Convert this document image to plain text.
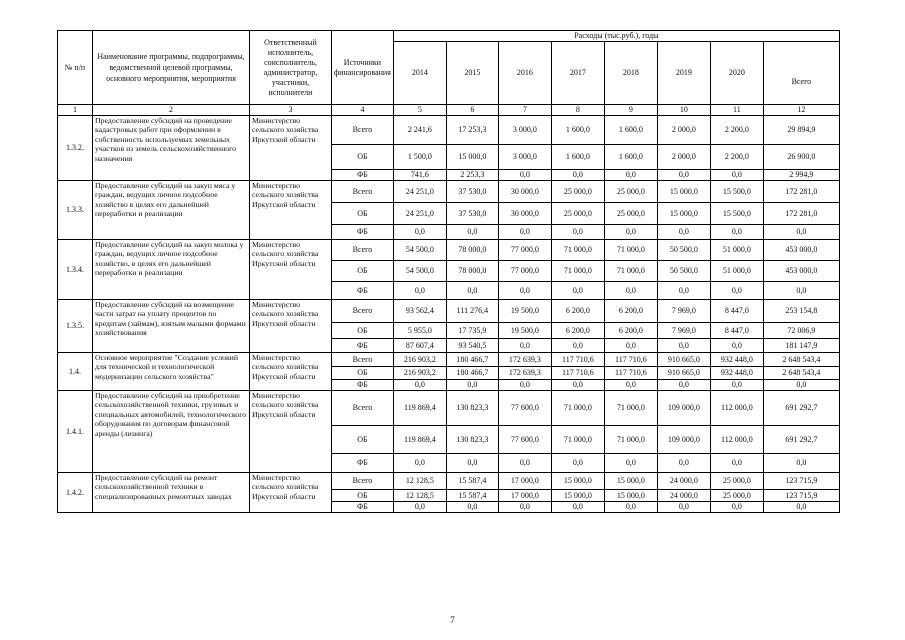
№ п/п	Наименование программы, подпрограммы, ведомственной целевой программы, основного мероприятия, мероприятия	Ответственный исполнитель, соисполнитель, администратор, участники, исполнители	Источники финансирования	Расходы (тыс.руб.), годы							
				2014	2015	2016	2017	2018	2019	2020	Всего
1	2	3	4	5	6	7	8	9	10	11	12
1.3.2.	Предоставление субсидий на проведение кадастровых работ при оформлении в собственность используемых земельных участков из земель сельскохозяйственного назначения	Министерство сельского хозяйства Иркутской области	Всего	2 241,6	17 253,3	3 000,0	1 600,0	1 600,0	2 000,0	2 200,0	29 894,9
			ОБ	1 500,0	15 000,0	3 000,0	1 600,0	1 600,0	2 000,0	2 200,0	26 900,0
			ФБ	741,6	2 253,3	0,0	0,0	0,0	0,0	0,0	2 994,9
1.3.3.	Предоставление субсидий на закуп мяса у граждан, ведущих личное подсобное хозяйство в целях его дальнейшей переработки и реализации	Министерство сельского хозяйства Иркутской области	Всего	24 251,0	37 530,0	30 000,0	25 000,0	25 000,0	15 000,0	15 500,0	172 281,0
			ОБ	24 251,0	37 530,0	30 000,0	25 000,0	25 000,0	15 000,0	15 500,0	172 281,0
			ФБ	0,0	0,0	0,0	0,0	0,0	0,0	0,0	0,0
1.3.4.	Предоставление субсидий на закуп молока у граждан, ведущих личное подсобное хозяйство, в целях его дальнейшей переработки и реализации	Министерство сельского хозяйства Иркутской области	Всего	54 500,0	78 000,0	77 000,0	71 000,0	71 000,0	50 500,0	51 000,0	453 000,0
			ОБ	54 500,0	78 000,0	77 000,0	71 000,0	71 000,0	50 500,0	51 000,0	453 000,0
			ФБ	0,0	0,0	0,0	0,0	0,0	0,0	0,0	0,0
1.3.5.	Предоставление субсидий на возмещение части затрат на уплату процентов по кредитам (займам), взятым малыми формами хозяйствования	Министерство сельского хозяйства Иркутской области	Всего	93 562,4	111 276,4	19 500,0	6 200,0	6 200,0	7 969,0	8 447,0	253 154,8
			ОБ	5 955,0	17 735,9	19 500,0	6 200,0	6 200,0	7 969,0	8 447,0	72 006,9
			ФБ	87 607,4	93 540,5	0,0	0,0	0,0	0,0	0,0	181 147,9
1.4.	Основное мероприятие "Создание условий для технической и технологической модернизации сельского хозяйства"	Министерство сельского хозяйства Иркутской области	Всего	216 903,2	180 466,7	172 639,3	117 710,6	117 710,6	910 665,0	932 448,0	2 648 543,4
			ОБ	216 903,2	180 466,7	172 639,3	117 710,6	117 710,6	910 665,0	932 448,0	2 648 543,4
			ФБ	0,0	0,0	0,0	0,0	0,0	0,0	0,0	0,0
1.4.1.	Предоставление субсидий на приобретение сельскохозяйственной техники, грузовых и специальных автомобилей, технологического оборудования по договорам финансовой аренды (лизинга)	Министерство сельского хозяйства Иркутской области	Всего	119 869,4	130 823,3	77 600,0	71 000,0	71 000,0	109 000,0	112 000,0	691 292,7
			ОБ	119 869,4	130 823,3	77 600,0	71 000,0	71 000,0	109 000,0	112 000,0	691 292,7
			ФБ	0,0	0,0	0,0	0,0	0,0	0,0	0,0	0,0
1.4.2.	Предоставление субсидий на ремонт сельскохозяйственной техники в специализированных ремонтных заводах	Министерство сельского хозяйства Иркутской области	Всего	12 128,5	15 587,4	17 000,0	15 000,0	15 000,0	24 000,0	25 000,0	123 715,9
			ОБ	12 128,5	15 587,4	17 000,0	15 000,0	15 000,0	24 000,0	25 000,0	123 715,9
			ФБ	0,0	0,0	0,0	0,0	0,0	0,0	0,0	0,0
7
